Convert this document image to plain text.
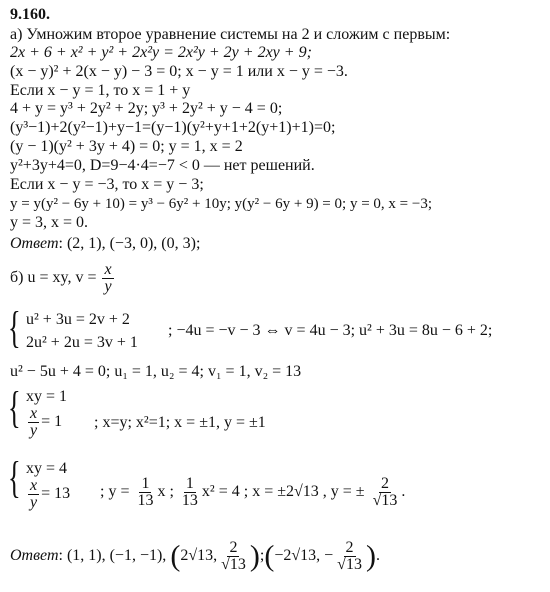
9.160.
а) Умножим второе уравнение системы на 2 и сложим с первым:
2x + 6 + x² + y² + 2x²y = 2x²y + 2y + 2xy + 9;
(x − y)² + 2(x − y) − 3 = 0; x − y = 1 или x − y = −3.
Если x − y = 1, то x = 1 + y
4 + y = y³ + 2y² + 2y; y³ + 2y² + y − 4 = 0;
(y³−1)+2(y²−1)+y−1=(y−1)(y²+y+1+2(y+1)+1)=0;
(y − 1)(y² + 3y + 4) = 0; y = 1, x = 2
y²+3y+4=0, D=9−4·4=−7 < 0 — нет решений.
Если x − y = −3, то x = y − 3;
y = y(y² − 6y + 10) = y³ − 6y² + 10y; y(y² − 6y + 9) = 0; y = 0, x = −3;
y = 3, x = 0.
Ответ: (2, 1), (−3, 0), (0, 3);
б) u = xy, $v = \frac{x}{y}$
{ u² + 3u = 2v + 2
2u² + 2u = 3v + 1
; −4u = −v − 3 ⇔ v = 4u − 3; u² + 3u = 8u − 6 + 2;
u² − 5u + 4 = 0; u₁ = 1, u₂ = 4; v₁ = 1, v₂ = 13
{ xy = 1
$\frac{x}{y} = 1$ ; x=y; x²=1; x = ±1, y = ±1
{ xy = 4
$\frac{x}{y} = 13$ ; $y = \frac{1}{13}$ x ; $\frac{1}{13} x^2 = 4$ ; x = ±2√13 , y = ± $\frac{2}{√13}$ .
Ответ: (1, 1), (−1, −1), (2√13, $\frac{2}{√13}$ );(−2√13, − $\frac{2}{√13}$ ).
